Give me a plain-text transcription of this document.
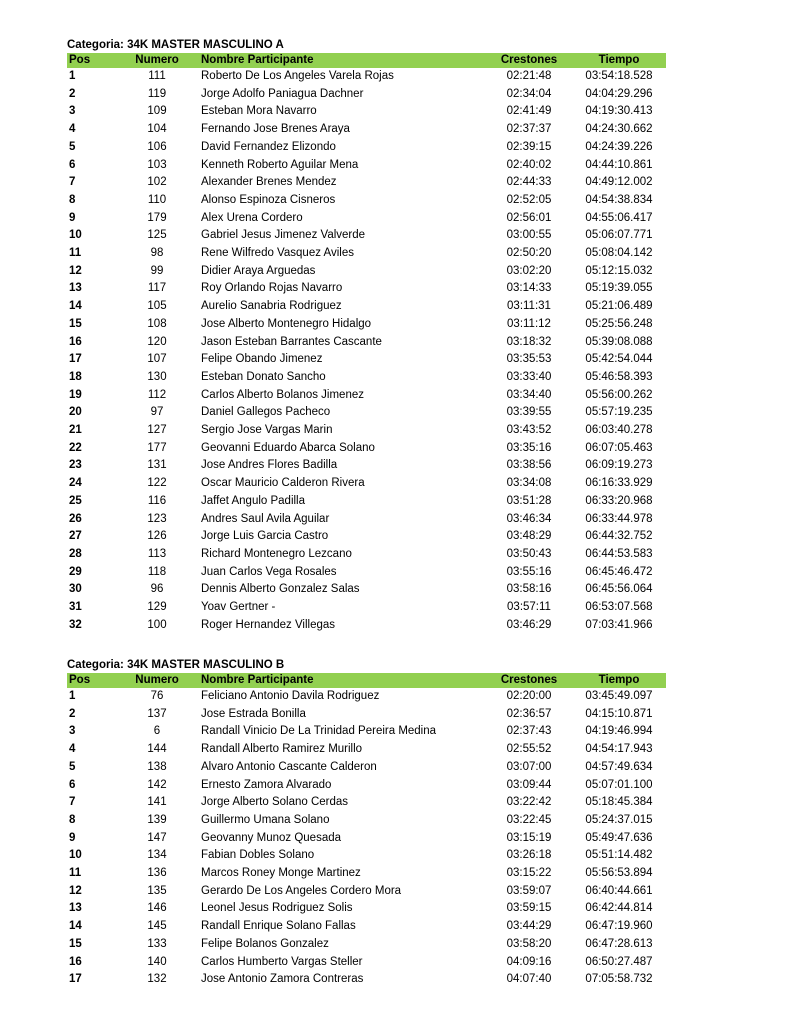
Categoria: 34K MASTER MASCULINO A
Pos	Numero	Nombre Participante	Crestones	Tiempo
1	111	Roberto De Los Angeles Varela Rojas	02:21:48	03:54:18.528
2	119	Jorge Adolfo Paniagua Dachner	02:34:04	04:04:29.296
3	109	Esteban Mora Navarro	02:41:49	04:19:30.413
4	104	Fernando Jose Brenes Araya	02:37:37	04:24:30.662
5	106	David Fernandez Elizondo	02:39:15	04:24:39.226
6	103	Kenneth Roberto Aguilar Mena	02:40:02	04:44:10.861
7	102	Alexander Brenes Mendez	02:44:33	04:49:12.002
8	110	Alonso Espinoza Cisneros	02:52:05	04:54:38.834
9	179	Alex Urena Cordero	02:56:01	04:55:06.417
10	125	Gabriel Jesus Jimenez Valverde	03:00:55	05:06:07.771
11	98	Rene Wilfredo Vasquez Aviles	02:50:20	05:08:04.142
12	99	Didier Araya Arguedas	03:02:20	05:12:15.032
13	117	Roy Orlando Rojas Navarro	03:14:33	05:19:39.055
14	105	Aurelio Sanabria Rodriguez	03:11:31	05:21:06.489
15	108	Jose Alberto Montenegro Hidalgo	03:11:12	05:25:56.248
16	120	Jason Esteban Barrantes Cascante	03:18:32	05:39:08.088
17	107	Felipe Obando Jimenez	03:35:53	05:42:54.044
18	130	Esteban Donato Sancho	03:33:40	05:46:58.393
19	112	Carlos Alberto Bolanos Jimenez	03:34:40	05:56:00.262
20	97	Daniel Gallegos Pacheco	03:39:55	05:57:19.235
21	127	Sergio Jose Vargas Marin	03:43:52	06:03:40.278
22	177	Geovanni Eduardo Abarca Solano	03:35:16	06:07:05.463
23	131	Jose Andres Flores Badilla	03:38:56	06:09:19.273
24	122	Oscar Mauricio Calderon Rivera	03:34:08	06:16:33.929
25	116	Jaffet Angulo Padilla	03:51:28	06:33:20.968
26	123	Andres Saul Avila Aguilar	03:46:34	06:33:44.978
27	126	Jorge Luis Garcia Castro	03:48:29	06:44:32.752
28	113	Richard Montenegro Lezcano	03:50:43	06:44:53.583
29	118	Juan Carlos Vega Rosales	03:55:16	06:45:46.472
30	96	Dennis Alberto Gonzalez Salas	03:58:16	06:45:56.064
31	129	Yoav Gertner -	03:57:11	06:53:07.568
32	100	Roger Hernandez Villegas	03:46:29	07:03:41.966
Categoria: 34K MASTER MASCULINO B
Pos	Numero	Nombre Participante	Crestones	Tiempo
1	76	Feliciano Antonio Davila Rodriguez	02:20:00	03:45:49.097
2	137	Jose Estrada Bonilla	02:36:57	04:15:10.871
3	6	Randall Vinicio De La Trinidad Pereira Medina	02:37:43	04:19:46.994
4	144	Randall Alberto Ramirez Murillo	02:55:52	04:54:17.943
5	138	Alvaro Antonio Cascante Calderon	03:07:00	04:57:49.634
6	142	Ernesto Zamora Alvarado	03:09:44	05:07:01.100
7	141	Jorge Alberto Solano Cerdas	03:22:42	05:18:45.384
8	139	Guillermo Umana Solano	03:22:45	05:24:37.015
9	147	Geovanny Munoz Quesada	03:15:19	05:49:47.636
10	134	Fabian Dobles Solano	03:26:18	05:51:14.482
11	136	Marcos Roney Monge Martinez	03:15:22	05:56:53.894
12	135	Gerardo De Los Angeles Cordero Mora	03:59:07	06:40:44.661
13	146	Leonel Jesus Rodriguez Solis	03:59:15	06:42:44.814
14	145	Randall Enrique Solano Fallas	03:44:29	06:47:19.960
15	133	Felipe Bolanos Gonzalez	03:58:20	06:47:28.613
16	140	Carlos Humberto Vargas Steller	04:09:16	06:50:27.487
17	132	Jose Antonio Zamora Contreras	04:07:40	07:05:58.732
